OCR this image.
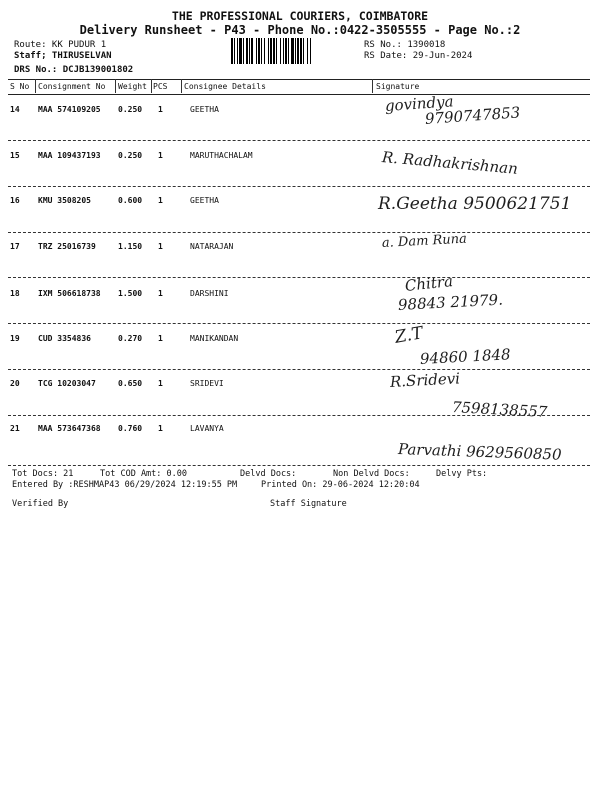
THE PROFESSIONAL COURIERS, COIMBATORE
Delivery Runsheet - P43 - Phone No.:0422-3505555 - Page No.:2
Route: KK PUDUR 1
Staff; THIRUSELVAN
DRS No.: DCJB139001802
RS No.: 1390018
RS Date: 29-Jun-2024
S No Consignment No Weight PCS Consignee Details	Signature
14 MAA 574109205 0.250 1	GEETHA	govindya
9790747853
15 MAA 109437193 0.250 1	MARUTHACHALAM	R. Radhakrishnan
16 KMU 3508205	0.600 1	GEETHA	R.Geetha 9500621751
17 TRZ 25016739	1.150 1	NATARAJAN	a. Dam Runa
18 IXM 506618738 1.500 1	DARSHINI	Chitra
98843 21979.
19 CUD 3354836	0.270 1	MANIKANDAN	Z.T
94860 1848
20 TCG 10203047	0.650 1	SRIDEVI	R.Sridevi
7598138557
21 MAA 573647368 0.760 1	LAVANYA
Parvathi 9629560850
Tot Docs: 21	Tot COD Amt: 0.00	Delvd Docs:	Non Delvd Docs:	Delvy Pts:
Entered By :RESHMAP43 06/29/2024 12:19:55 PM	Printed On: 29-06-2024 12:20:04
Verified By	Staff Signature
